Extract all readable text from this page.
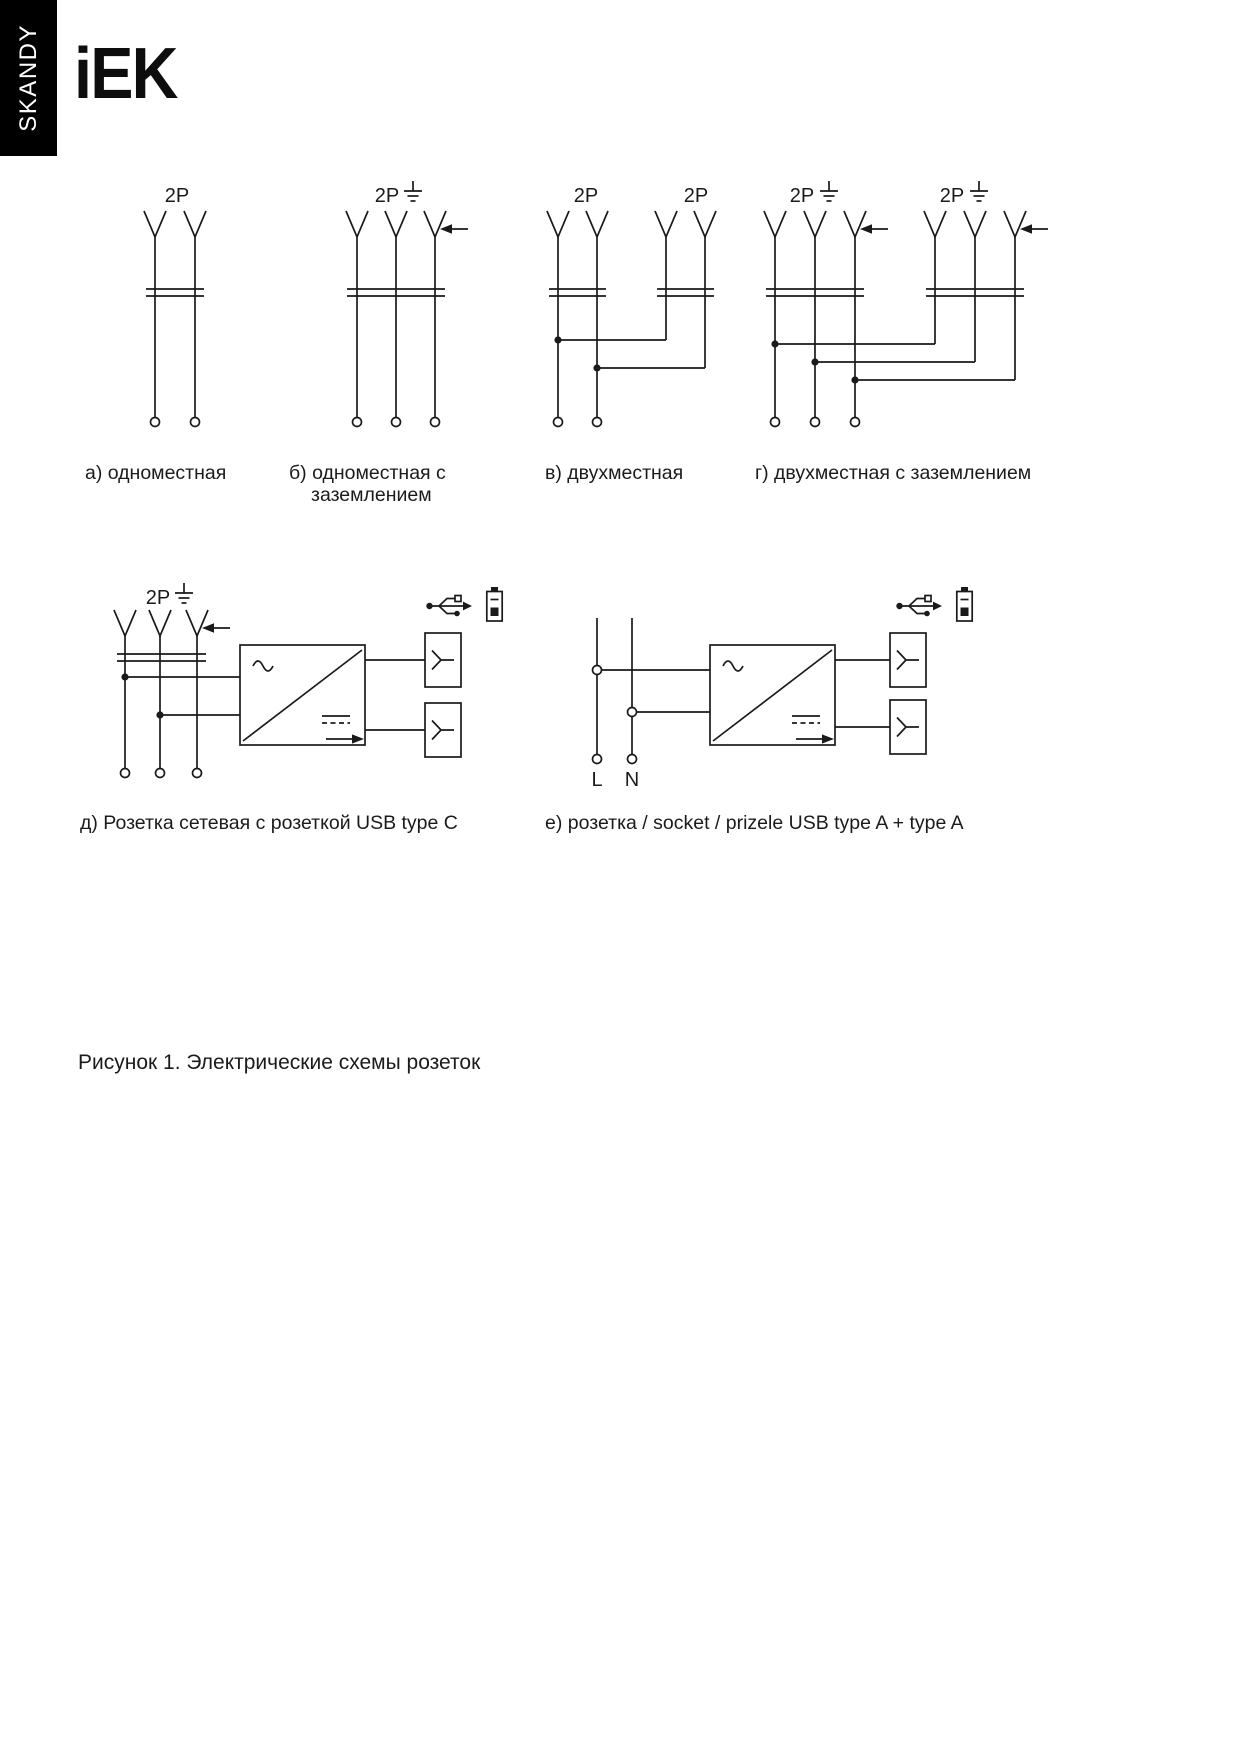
SKANDY iEK
2P	2P	2P	2P	2P	2P
2P
L N
а) одноместная	б) одноместная с заземлением
в) двухместная	г) двухместная с заземлением
д) Розетка сетевая с розеткой USB type C	е) розетка / socket / prizele USB type A + type A
Рисунок 1. Электрические схемы розеток
